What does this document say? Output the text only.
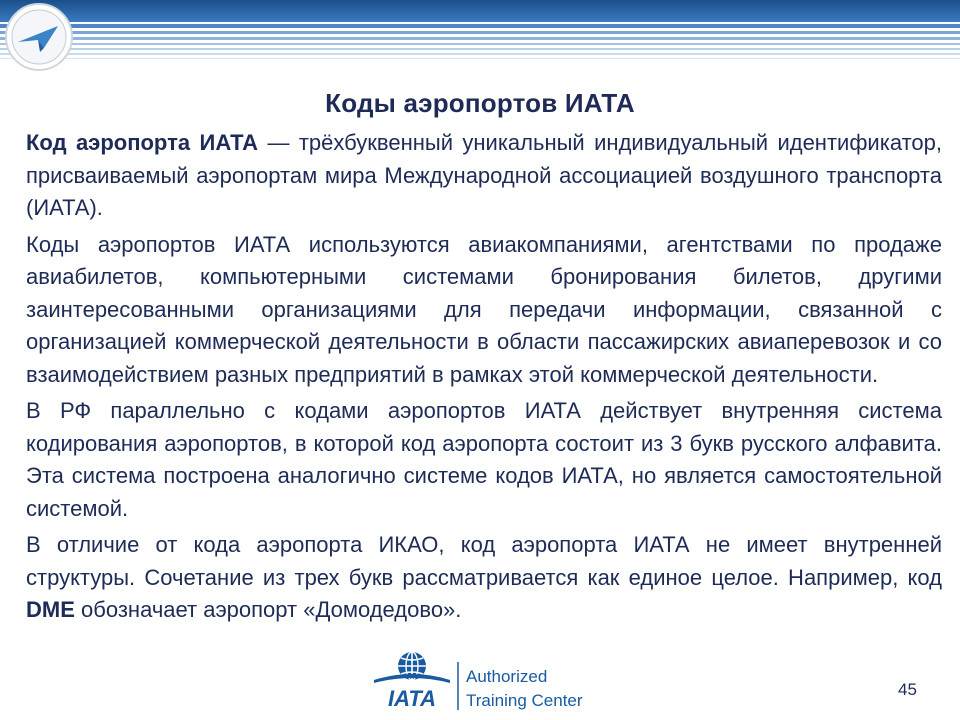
Коды аэропортов ИАТА

Код аэропорта ИАТА — трёхбуквенный уникальный индивидуальный идентификатор, присваиваемый аэропортам мира Международной ассоциацией воздушного транспорта (ИАТА).

Коды аэропортов ИАТА используются авиакомпаниями, агентствами по продаже авиабилетов, компьютерными системами бронирования билетов, другими заинтересованными организациями для передачи информации, связанной с организацией коммерческой деятельности в области пассажирских авиаперевозок и со взаимодействием разных предприятий в рамках этой коммерческой деятельности.

В РФ параллельно с кодами аэропортов ИАТА действует внутренняя система кодирования аэропортов, в которой код аэропорта состоит из 3 букв русского алфавита. Эта система построена аналогично системе кодов ИАТА, но является самостоятельной системой.

В отличие от кода аэропорта ИКАО, код аэропорта ИАТА не имеет внутренней структуры. Сочетание из трех букв рассматривается как единое целое. Например, код DME обозначает аэропорт «Домодедово».

IATA
Authorized
Training Center
45
